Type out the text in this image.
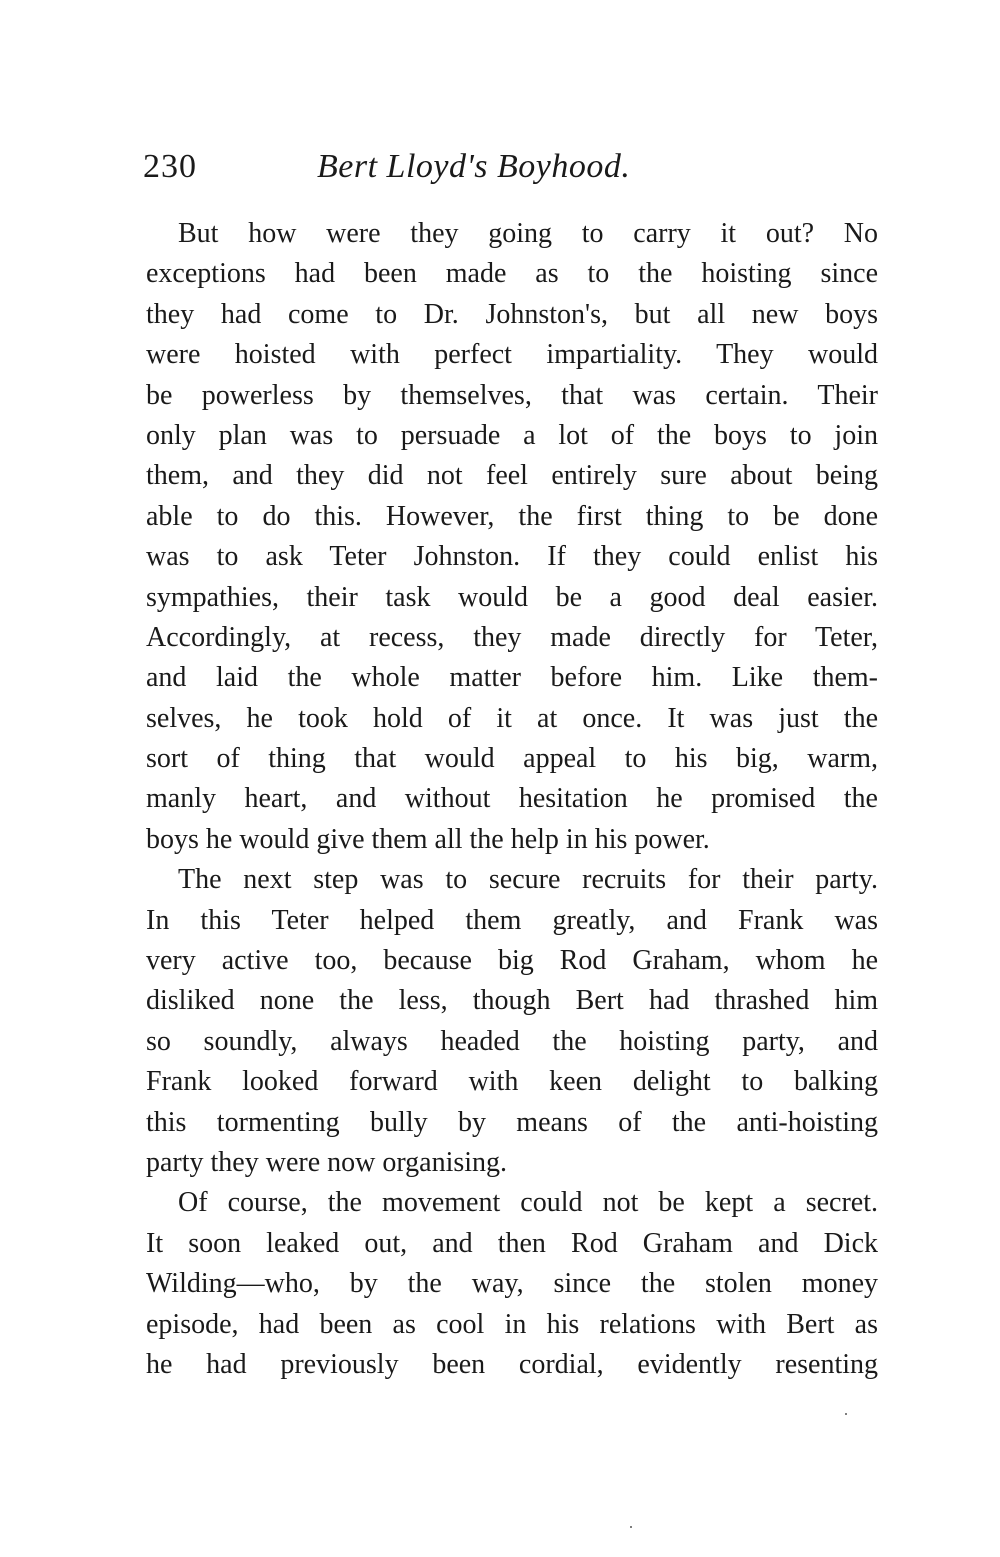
230	Bert Lloyd's Boyhood.
But how were they going to carry it out? No
exceptions had been made as to the hoisting since
they had come to Dr. Johnston's, but all new boys
were hoisted with perfect impartiality. They would
be powerless by themselves, that was certain. Their
only plan was to persuade a lot of the boys to join
them, and they did not feel entirely sure about being
able to do this. However, the first thing to be done
was to ask Teter Johnston. If they could enlist his
sympathies, their task would be a good deal easier.
Accordingly, at recess, they made directly for Teter,
and laid the whole matter before him. Like them-
selves, he took hold of it at once. It was just the
sort of thing that would appeal to his big, warm,
manly heart, and without hesitation he promised the
boys he would give them all the help in his power.
The next step was to secure recruits for their party.
In this Teter helped them greatly, and Frank was
very active too, because big Rod Graham, whom he
disliked none the less, though Bert had thrashed him
so soundly, always headed the hoisting party, and
Frank looked forward with keen delight to balking
this tormenting bully by means of the anti-hoisting
party they were now organising.
Of course, the movement could not be kept a secret.
It soon leaked out, and then Rod Graham and Dick
Wilding—who, by the way, since the stolen money
episode, had been as cool in his relations with Bert as
he had previously been cordial, evidently resenting
